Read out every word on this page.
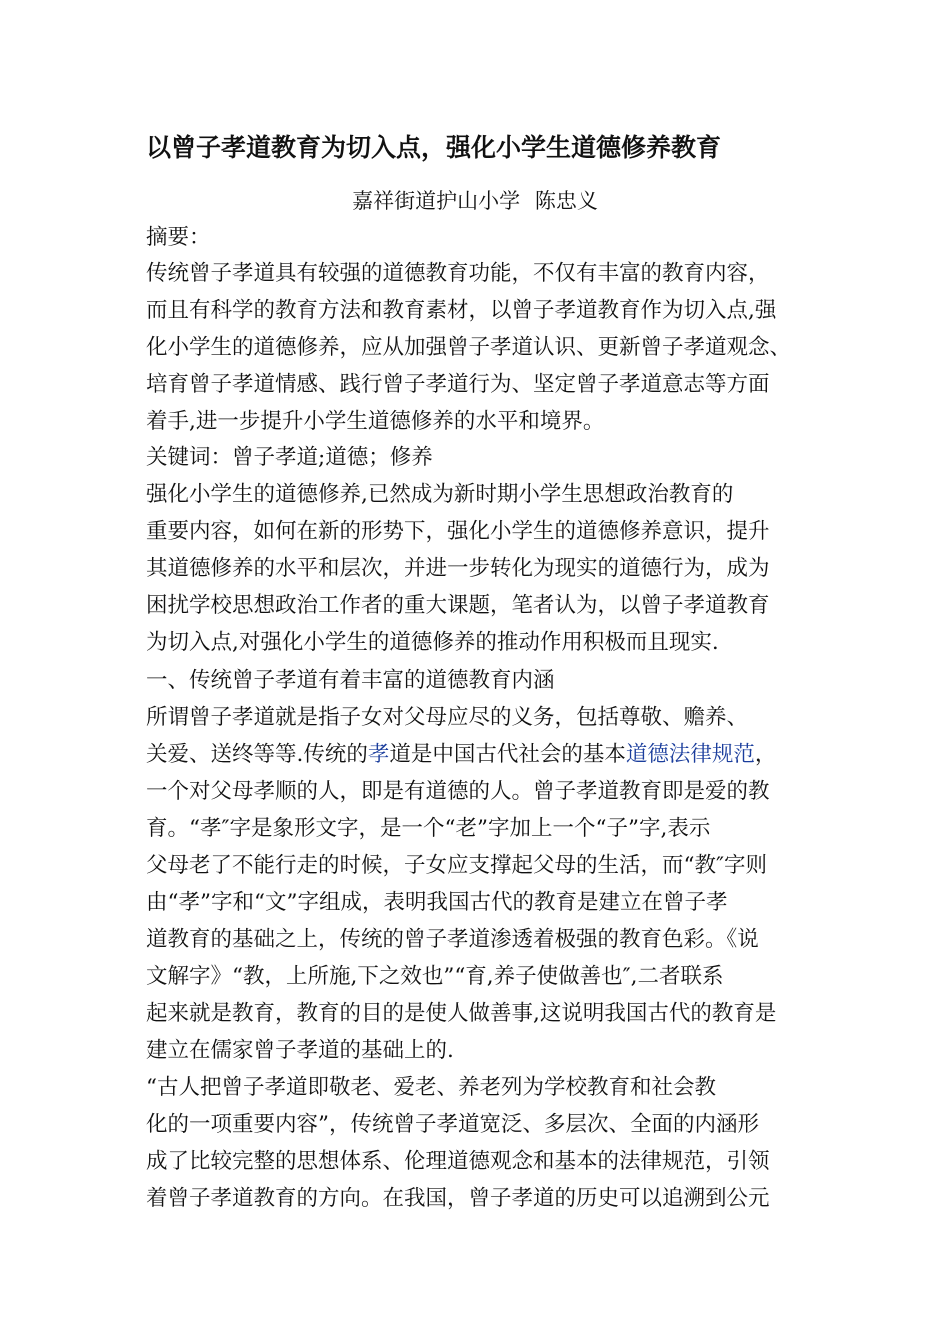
以曾子孝道教育为切入点，强化小学生道德修养教育
嘉祥街道护山小学 陈忠义

摘要：

传统曾子孝道具有较强的道德教育功能，不仅有丰富的教育内容，

而且有科学的教育方法和教育素材，以曾子孝道教育作为切入点,强

化小学生的道德修养，应从加强曾子孝道认识、更新曾子孝道观念、

培育曾子孝道情感、践行曾子孝道行为、坚定曾子孝道意志等方面

着手,进一步提升小学生道德修养的水平和境界。

关键词：曾子孝道;道德；修养

强化小学生的道德修养,已然成为新时期小学生思想政治教育的

重要内容，如何在新的形势下，强化小学生的道德修养意识，提升

其道德修养的水平和层次，并进一步转化为现实的道德行为，成为

困扰学校思想政治工作者的重大课题，笔者认为，以曾子孝道教育

为切入点,对强化小学生的道德修养的推动作用积极而且现实.

一、传统曾子孝道有着丰富的道德教育内涵

所谓曾子孝道就是指子女对父母应尽的义务，包括尊敬、赡养、

关爱、送终等等.传统的孝道是中国古代社会的基本道德法律规范，

一个对父母孝顺的人，即是有道德的人。曾子孝道教育即是爱的教

育。“孝″字是象形文字，是一个“老”字加上一个“子”字,表示

父母老了不能行走的时候，子女应支撑起父母的生活，而“教″字则

由“孝”字和“文”字组成，表明我国古代的教育是建立在曾子孝

道教育的基础之上，传统的曾子孝道渗透着极强的教育色彩。《说

文解字》“教，上所施,下之效也”“育,养子使做善也″,二者联系

起来就是教育，教育的目的是使人做善事,这说明我国古代的教育是

建立在儒家曾子孝道的基础上的.

“古人把曾子孝道即敬老、爱老、养老列为学校教育和社会教

化的一项重要内容”，传统曾子孝道宽泛、多层次、全面的内涵形

成了比较完整的思想体系、伦理道德观念和基本的法律规范，引领

着曾子孝道教育的方向。在我国，曾子孝道的历史可以追溯到公元
